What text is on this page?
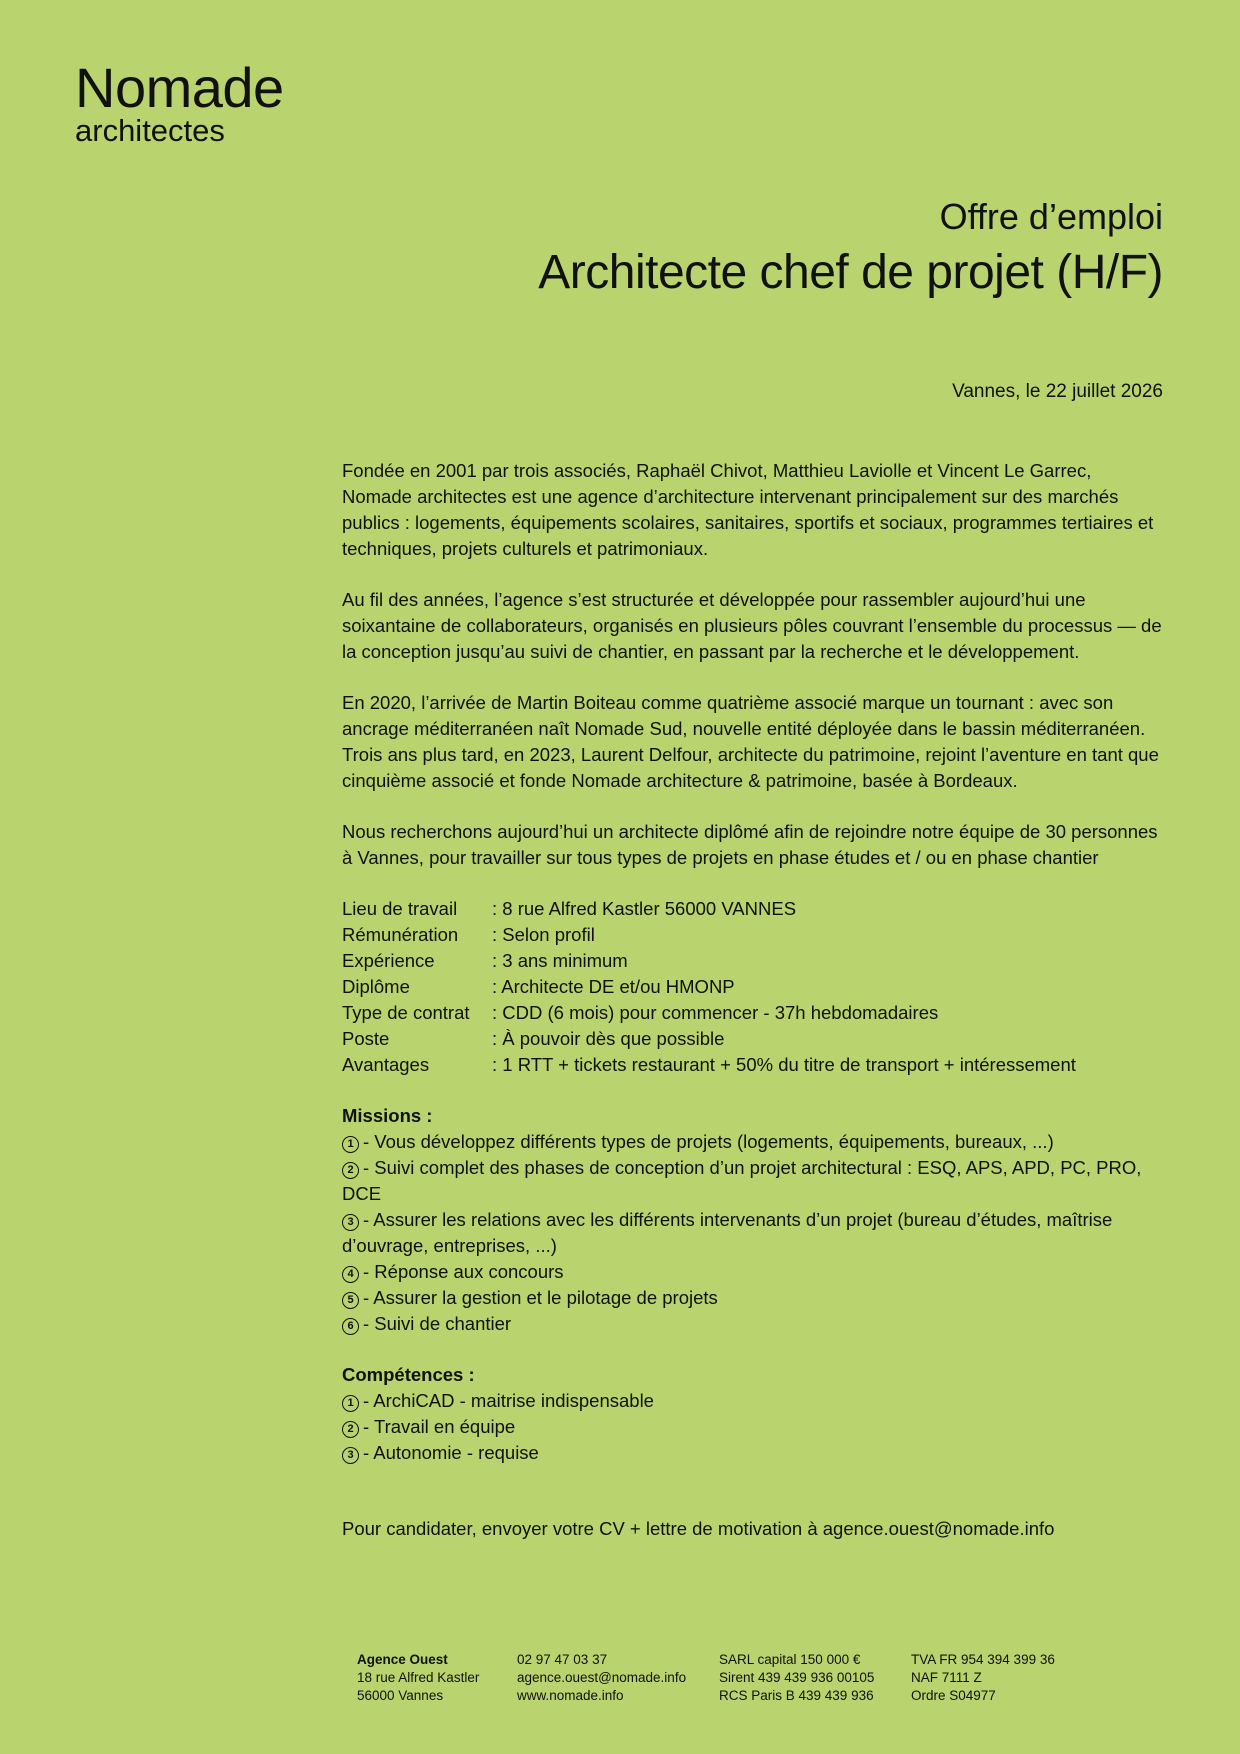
Nomade
architectes
Offre d’emploi
Architecte chef de projet (H/F)
Vannes, le 22 juillet 2026

Fondée en 2001 par trois associés, Raphaël Chivot, Matthieu Laviolle et Vincent Le Garrec, Nomade architectes est une agence d’architecture intervenant principalement sur des marchés publics : logements, équipements scolaires, sanitaires, sportifs et sociaux, programmes tertiaires et techniques, projets culturels et patrimoniaux.

Au fil des années, l’agence s’est structurée et développée pour rassembler aujourd’hui une soixantaine de collaborateurs, organisés en plusieurs pôles couvrant l’ensemble du processus — de la conception jusqu’au suivi de chantier, en passant par la recherche et le développement.

En 2020, l’arrivée de Martin Boiteau comme quatrième associé marque un tournant : avec son ancrage méditerranéen naît Nomade Sud, nouvelle entité déployée dans le bassin méditerranéen. Trois ans plus tard, en 2023, Laurent Delfour, architecte du patrimoine, rejoint l’aventure en tant que cinquième associé et fonde Nomade architecture & patrimoine, basée à Bordeaux.

Nous recherchons aujourd’hui un architecte diplômé afin de rejoindre notre équipe de 30 personnes à Vannes, pour travailler sur tous types de projets en phase études et / ou en phase chantier

Lieu de travail	: 8 rue Alfred Kastler 56000 VANNES
Rémunération	: Selon profil
Expérience	: 3 ans minimum
Diplôme	: Architecte DE et/ou HMONP
Type de contrat	: CDD (6 mois) pour commencer - 37h hebdomadaires
Poste	: À pouvoir dès que possible
Avantages	: 1 RTT + tickets restaurant + 50% du titre de transport + intéressement
Missions :
1 - Vous développez différents types de projets (logements, équipements, bureaux, ...)
2 - Suivi complet des phases de conception d’un projet architectural : ESQ, APS, APD, PC, PRO, DCE
3 - Assurer les relations avec les différents intervenants d’un projet (bureau d’études, maîtrise d’ouvrage, entreprises, ...)
4 - Réponse aux concours
5 - Assurer la gestion et le pilotage de projets
6 - Suivi de chantier
Compétences :
1 - ArchiCAD - maitrise indispensable
2 - Travail en équipe
3 - Autonomie - requise
Pour candidater, envoyer votre CV + lettre de motivation à agence.ouest@nomade.info
Agence Ouest
18 rue Alfred Kastler
56000 Vannes
02 97 47 03 37
agence.ouest@nomade.info
www.nomade.info
SARL capital 150 000 €
Sirent 439 439 936 00105
RCS Paris B 439 439 936
TVA FR 954 394 399 36
NAF 7111 Z
Ordre S04977
